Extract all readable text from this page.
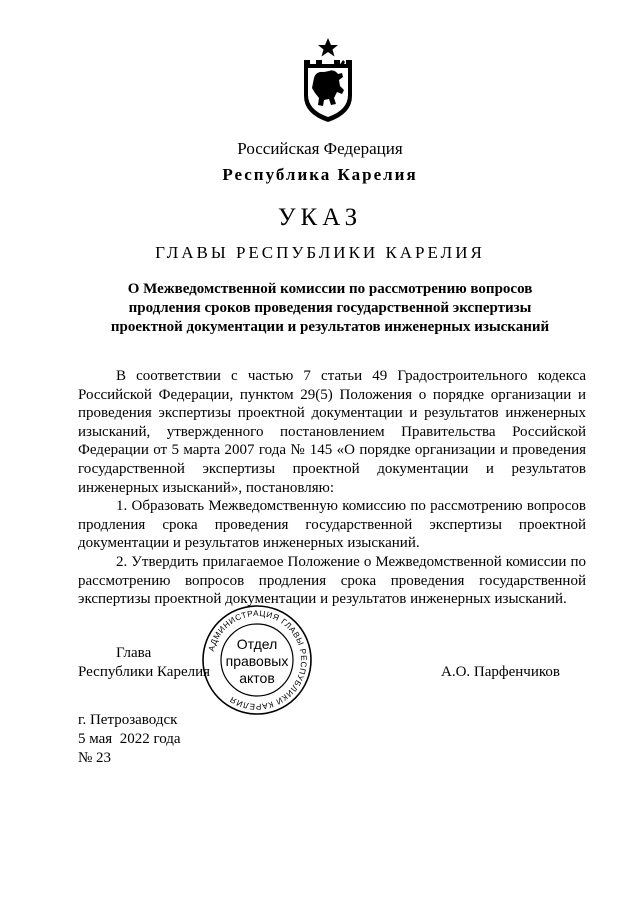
Российская Федерация
Республика Карелия
УКАЗ
ГЛАВЫ РЕСПУБЛИКИ КАРЕЛИЯ
О Межведомственной комиссии по рассмотрению вопросов
продления сроков проведения государственной экспертизы
проектной документации и результатов инженерных изысканий
В соответствии с частью 7 статьи 49 Градостроительного кодекса
Российской Федерации, пунктом 29(5) Положения о порядке организации и
проведения экспертизы проектной документации и результатов инженерных
изысканий, утвержденного постановлением Правительства Российской
Федерации от 5 марта 2007 года № 145 «О порядке организации и проведения
государственной экспертизы проектной документации и результатов
инженерных изысканий», постановляю:
1. Образовать Межведомственную комиссию по рассмотрению вопросов
продления срока проведения государственной экспертизы проектной
документации и результатов инженерных изысканий.
2. Утвердить прилагаемое Положение о Межведомственной комиссии по
рассмотрению вопросов продления срока проведения государственной
экспертизы проектной документации и результатов инженерных изысканий.
Глава
Республики Карелия	А.О. Парфенчиков
АДМИНИСТРАЦИЯ ГЛАВЫ РЕСПУБЛИКИ КАРЕЛИЯ
Отдел
правовых
актов
г. Петрозаводск
5 мая  2022 года
№ 23
